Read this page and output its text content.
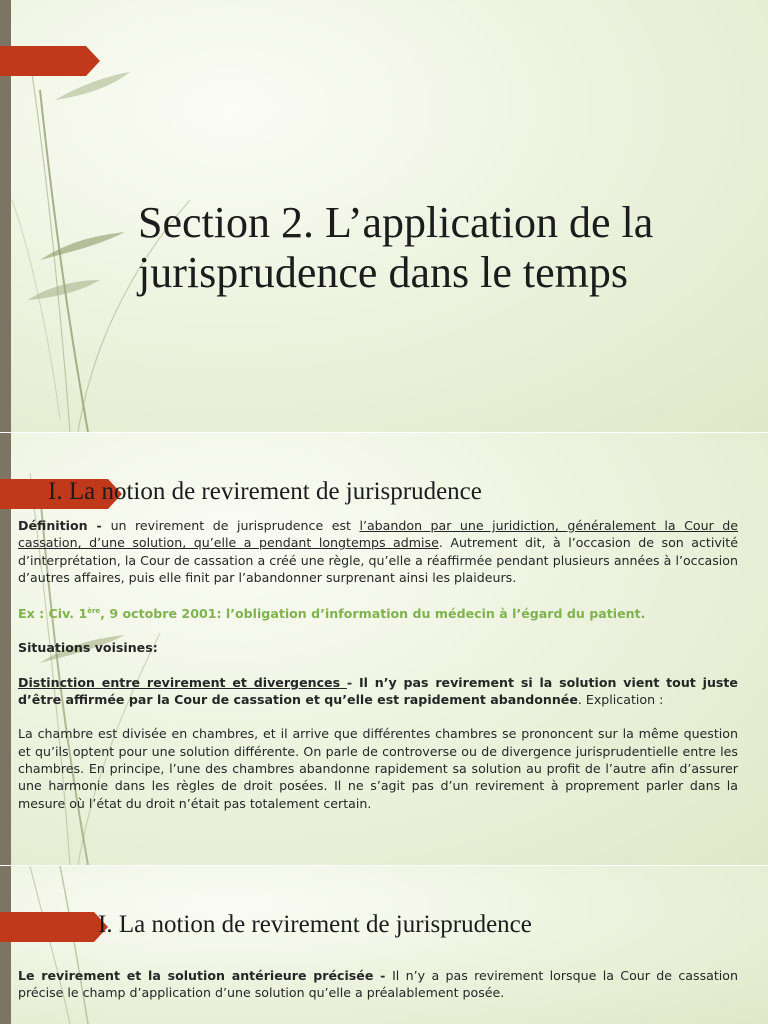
Section 2. L’application de la
jurisprudence dans le temps
I. La notion de revirement de jurisprudence

Définition - un revirement de jurisprudence est l’abandon par une juridiction, généralement la Cour de cassation, d’une solution, qu’elle a pendant longtemps admise. Autrement dit, à l’occasion de son activité d’interprétation, la Cour de cassation a créé une règle, qu’elle a réaffirmée pendant plusieurs années à l’occasion d’autres affaires, puis elle finit par l’abandonner surprenant ainsi les plaideurs.

Ex : Civ. 1ère, 9 octobre 2001: l’obligation d’information du médecin à l’égard du patient.

Situations voisines:

Distinction entre revirement et divergences - Il n’y pas revirement si la solution vient tout juste d’être affirmée par la Cour de cassation et qu’elle est rapidement abandonnée. Explication :

La chambre est divisée en chambres, et il arrive que différentes chambres se prononcent sur la même question et qu’ils optent pour une solution différente. On parle de controverse ou de divergence jurisprudentielle entre les chambres. En principe, l’une des chambres abandonne rapidement sa solution au profit de l’autre afin d’assurer une harmonie dans les règles de droit posées. Il ne s’agit pas d’un revirement à proprement parler dans la mesure où l’état du droit n’était pas totalement certain.

I. La notion de revirement de jurisprudence

Le revirement et la solution antérieure précisée - Il n’y a pas revirement lorsque la Cour de cassation précise le champ d’application d’une solution qu’elle a préalablement posée.
